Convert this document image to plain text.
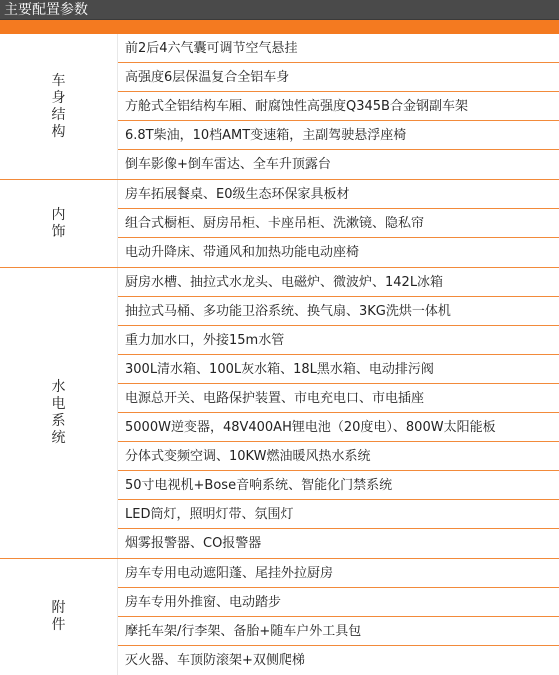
主要配置参数
车身结构
前2后4六气囊可调节空气悬挂
高强度6层保温复合全铝车身
方舱式全铝结构车厢、耐腐蚀性高强度Q345B合金钢副车架
6.8T柴油，10档AMT变速箱，主副驾驶悬浮座椅
倒车影像+倒车雷达、全车升顶露台
内饰
房车拓展餐桌、E0级生态环保家具板材
组合式橱柜、厨房吊柜、卡座吊柜、洗漱镜、隐私帘
电动升降床、带通风和加热功能电动座椅
水电系统
厨房水槽、抽拉式水龙头、电磁炉、微波炉、142L冰箱
抽拉式马桶、多功能卫浴系统、换气扇、3KG洗烘一体机
重力加水口，外接15m水管
300L清水箱、100L灰水箱、18L黑水箱、电动排污阀
电源总开关、电路保护装置、市电充电口、市电插座
5000W逆变器，48V400AH锂电池（20度电）、800W太阳能板
分体式变频空调、10KW燃油暖风热水系统
50寸电视机+Bose音响系统、智能化门禁系统
LED筒灯，照明灯带、氛围灯
烟雾报警器、CO报警器
附件
房车专用电动遮阳蓬、尾挂外拉厨房
房车专用外推窗、电动踏步
摩托车架/行李架、备胎+随车户外工具包
灭火器、车顶防滚架+双侧爬梯
